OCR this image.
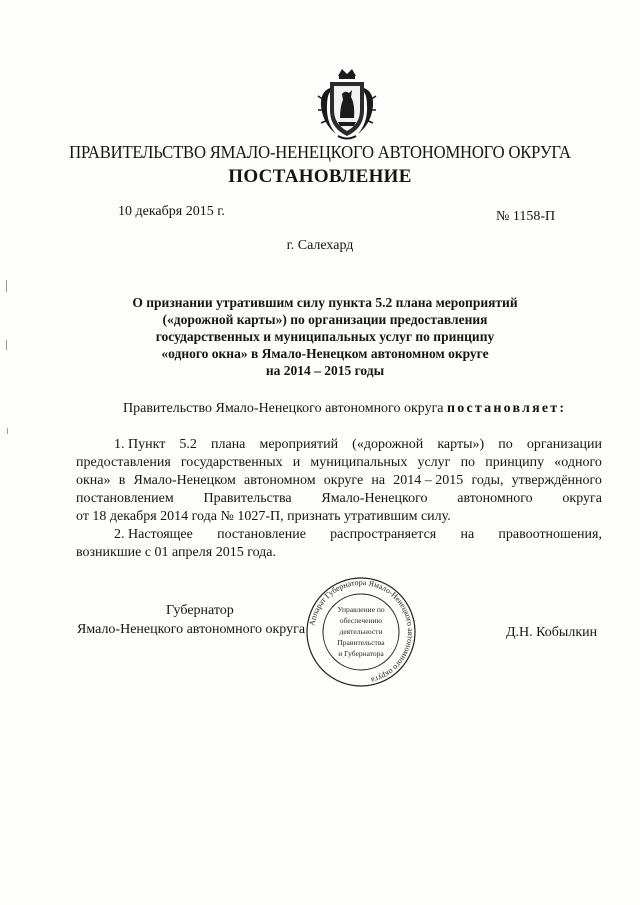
ПРАВИТЕЛЬСТВО ЯМАЛО-НЕНЕЦКОГО АВТОНОМНОГО ОКРУГА
ПОСТАНОВЛЕНИЕ
10 декабря 2015 г.	№ 1158-П
г. Салехард
О признании утратившим силу пункта 5.2 плана мероприятий
(«дорожной карты») по организации предоставления
государственных и муниципальных услуг по принципу
«одного окна» в Ямало-Ненецком автономном округе
на 2014 – 2015 годы
Правительство Ямало-Ненецкого автономного округа постановляет:
1. Пункт 5.2 плана мероприятий («дорожной карты») по организации
предоставления государственных и муниципальных услуг по принципу «одного
окна» в Ямало-Ненецком автономном округе на 2014 – 2015 годы, утверждённого
постановлением Правительства Ямало-Ненецкого автономного округа
от 18 декабря 2014 года № 1027-П, признать утратившим силу.
2. Настоящее постановление распространяется на правоотношения,
возникшие с 01 апреля 2015 года.
Губернатор
Ямало-Ненецкого автономного округа	Д.Н. Кобылкин
Аппарат Губернатора Ямало-Ненецкого автономного округа
Управление по
обеспечению
деятельности
Правительства
и Губернатора
